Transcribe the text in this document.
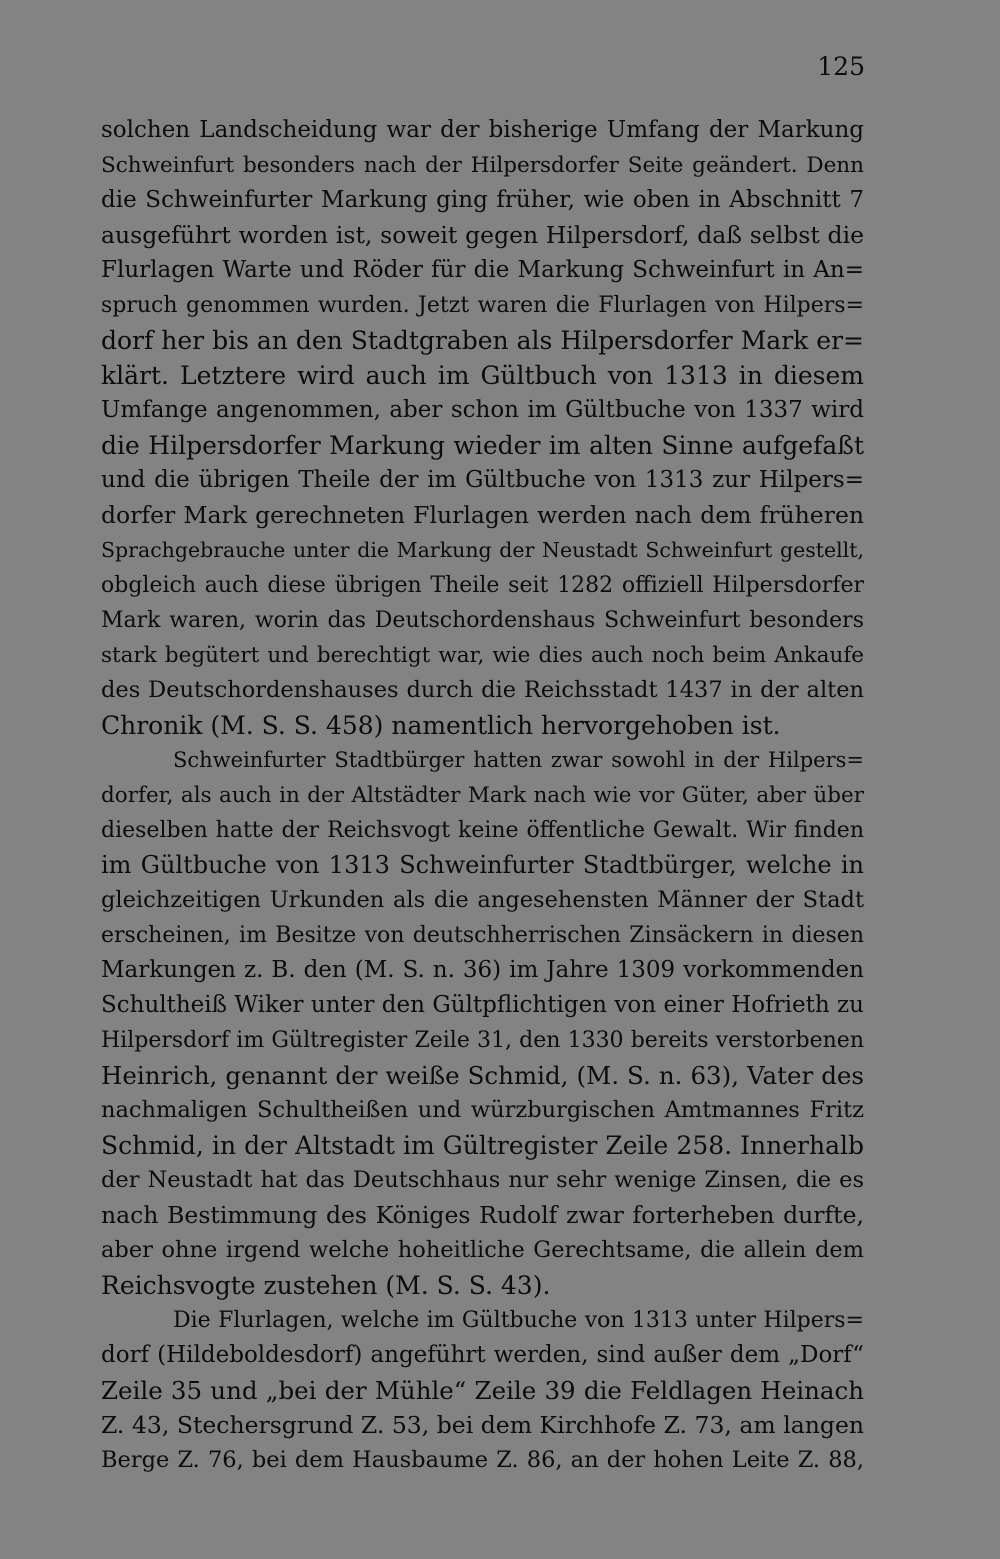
125
solchen Landscheidung war der bisherige Umfang der Markung
Schweinfurt besonders nach der Hilpersdorfer Seite geändert. Denn
die Schweinfurter Markung ging früher, wie oben in Abschnitt 7
ausgeführt worden ist, soweit gegen Hilpersdorf, daß selbst die
Flurlagen Warte und Röder für die Markung Schweinfurt in An=
spruch genommen wurden. Jetzt waren die Flurlagen von Hilpers=
dorf her bis an den Stadtgraben als Hilpersdorfer Mark er=
klärt. Letztere wird auch im Gültbuch von 1313 in diesem
Umfange angenommen, aber schon im Gültbuche von 1337 wird
die Hilpersdorfer Markung wieder im alten Sinne aufgefaßt
und die übrigen Theile der im Gültbuche von 1313 zur Hilpers=
dorfer Mark gerechneten Flurlagen werden nach dem früheren
Sprachgebrauche unter die Markung der Neustadt Schweinfurt gestellt,
obgleich auch diese übrigen Theile seit 1282 offiziell Hilpersdorfer
Mark waren, worin das Deutschordenshaus Schweinfurt besonders
stark begütert und berechtigt war, wie dies auch noch beim Ankaufe
des Deutschordenshauses durch die Reichsstadt 1437 in der alten
Chronik (M. S. S. 458) namentlich hervorgehoben ist.
Schweinfurter Stadtbürger hatten zwar sowohl in der Hilpers=
dorfer, als auch in der Altstädter Mark nach wie vor Güter, aber über
dieselben hatte der Reichsvogt keine öffentliche Gewalt. Wir finden
im Gültbuche von 1313 Schweinfurter Stadtbürger, welche in
gleichzeitigen Urkunden als die angesehensten Männer der Stadt
erscheinen, im Besitze von deutschherrischen Zinsäckern in diesen
Markungen z. B. den (M. S. n. 36) im Jahre 1309 vorkommenden
Schultheiß Wiker unter den Gültpflichtigen von einer Hofrieth zu
Hilpersdorf im Gültregister Zeile 31, den 1330 bereits verstorbenen
Heinrich, genannt der weiße Schmid, (M. S. n. 63), Vater des
nachmaligen Schultheißen und würzburgischen Amtmannes Fritz
Schmid, in der Altstadt im Gültregister Zeile 258. Innerhalb
der Neustadt hat das Deutschhaus nur sehr wenige Zinsen, die es
nach Bestimmung des Königes Rudolf zwar forterheben durfte,
aber ohne irgend welche hoheitliche Gerechtsame, die allein dem
Reichsvogte zustehen (M. S. S. 43).
Die Flurlagen, welche im Gültbuche von 1313 unter Hilpers=
dorf (Hildeboldesdorf) angeführt werden, sind außer dem „Dorf“
Zeile 35 und „bei der Mühle“ Zeile 39 die Feldlagen Heinach
Z. 43, Stechersgrund Z. 53, bei dem Kirchhofe Z. 73, am langen
Berge Z. 76, bei dem Hausbaume Z. 86, an der hohen Leite Z. 88,
